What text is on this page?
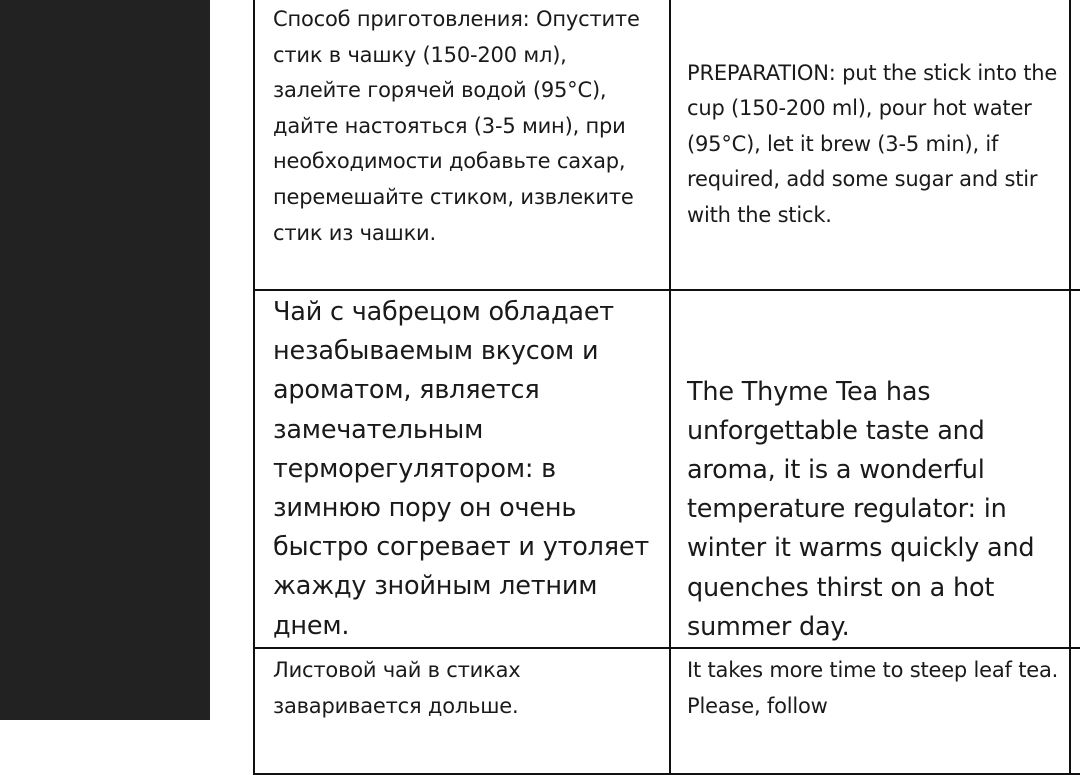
Способ приготовления: Опустите стик в чашку (150-200 мл), залейте горячей водой (95°С), дайте настояться (3-5 мин), при необходимости добавьте сахар, перемешайте стиком, извлеките стик из чашки.	PREPARATION: put the stick into the cup (150-200 ml), pour hot water (95°C), let it brew (3-5 min), if required, add some sugar and stir with the stick.	

Чай с чабрецом обладает незабываемым вкусом и ароматом, является замечательным терморегулятором: в зимнюю пору он очень быстро согревает и утоляет жажду знойным летним днем.	The Thyme Tea has unforgettable taste and aroma, it is a wonderful temperature regulator: in winter it warms quickly and quenches thirst on a hot summer day.	

Листовой чай в стиках заваривается дольше.	It takes more time to steep leaf tea. Please, follow	
